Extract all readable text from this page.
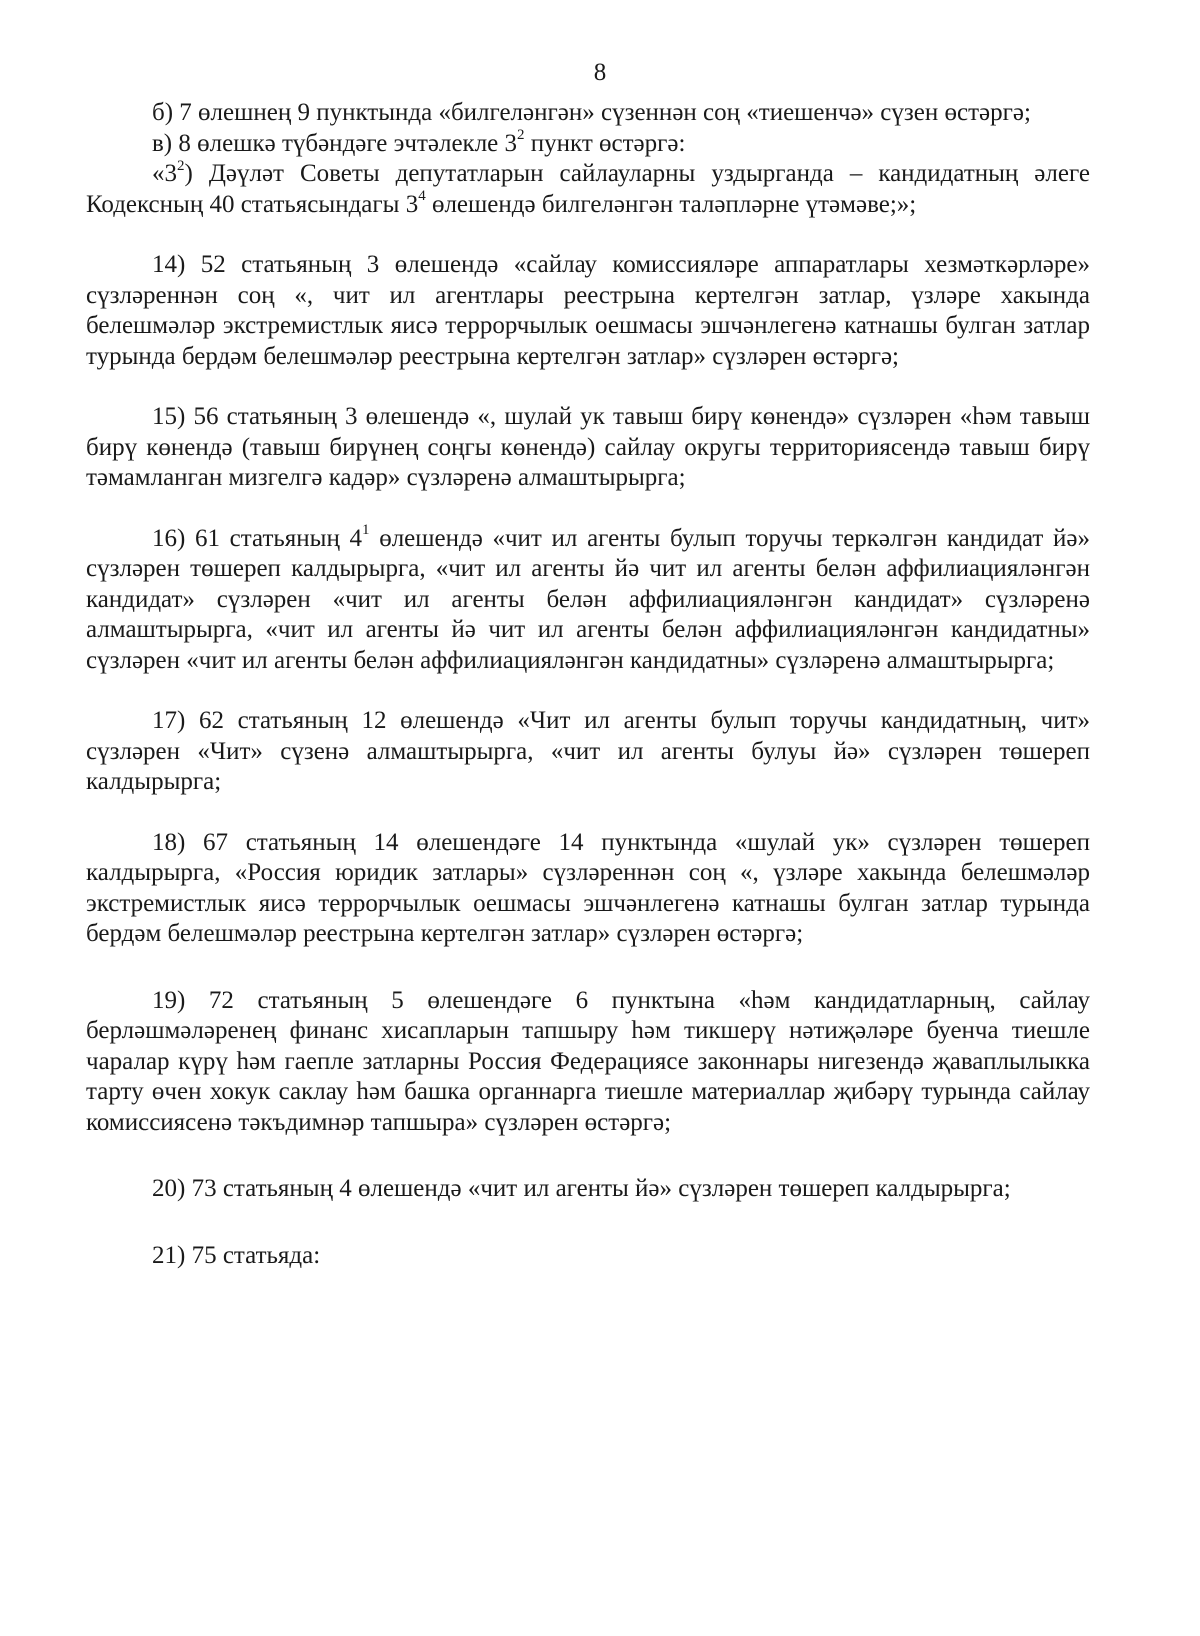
8

б) 7 өлешнең 9 пунктында «билгеләнгән» сүзеннән соң «тиешенчә» сүзен өстәргә;

в) 8 өлешкә түбәндәге эчтәлекле $3^2$ пункт өстәргә:

«$3^2$) Дәүләт Советы депутатларын сайлауларны уздырганда – кандидатның әлеге Кодексның 40 статьясындагы $3^4$ өлешендә билгеләнгән таләпләрне үтәмәве;»;

14) 52 статьяның 3 өлешендә «сайлау комиссияләре аппаратлары хезмәткәрләре» сүзләреннән соң «, чит ил агентлары реестрына кертелгән затлар, үзләре хакында белешмәләр экстремистлык яисә террорчылык оешмасы эшчәнлегенә катнашы булган затлар турында бердәм белешмәләр реестрына кертелгән затлар» сүзләрен өстәргә;

15) 56 статьяның 3 өлешендә «, шулай ук тавыш бирү көнендә» сүзләрен «һәм тавыш бирү көнендә (тавыш бирүнең соңгы көнендә) сайлау округы территориясендә тавыш бирү тәмамланган мизгелгә кадәр» сүзләренә алмаштырырга;

16) 61 статьяның $4^1$ өлешендә «чит ил агенты булып торучы теркәлгән кандидат йә» сүзләрен төшереп калдырырга, «чит ил агенты йә чит ил агенты белән аффилиацияләнгән кандидат» сүзләрен «чит ил агенты белән аффилиацияләнгән кандидат» сүзләренә алмаштырырга, «чит ил агенты йә чит ил агенты белән аффилиацияләнгән кандидатны» сүзләрен «чит ил агенты белән аффилиацияләнгән кандидатны» сүзләренә алмаштырырга;

17) 62 статьяның 12 өлешендә «Чит ил агенты булып торучы кандидатның, чит» сүзләрен «Чит» сүзенә алмаштырырга, «чит ил агенты булуы йә» сүзләрен төшереп калдырырга;

18) 67 статьяның 14 өлешендәге 14 пунктында «шулай ук» сүзләрен төшереп калдырырга, «Россия юридик затлары» сүзләреннән соң «, үзләре хакында белешмәләр экстремистлык яисә террорчылык оешмасы эшчәнлегенә катнашы булган затлар турында бердәм белешмәләр реестрына кертелгән затлар» сүзләрен өстәргә;

19) 72 статьяның 5 өлешендәге 6 пунктына «һәм кандидатларның, сайлау берләшмәләренең финанс хисапларын тапшыру һәм тикшерү нәтиҗәләре буенча тиешле чаралар күрү һәм гаепле затларны Россия Федерациясе законнары нигезендә җаваплылыкка тарту өчен хокук саклау һәм башка органнарга тиешле материаллар җибәрү турында сайлау комиссиясенә тәкъдимнәр тапшыра» сүзләрен өстәргә;

20) 73 статьяның 4 өлешендә «чит ил агенты йә» сүзләрен төшереп калдырырга;

21) 75 статьяда:
